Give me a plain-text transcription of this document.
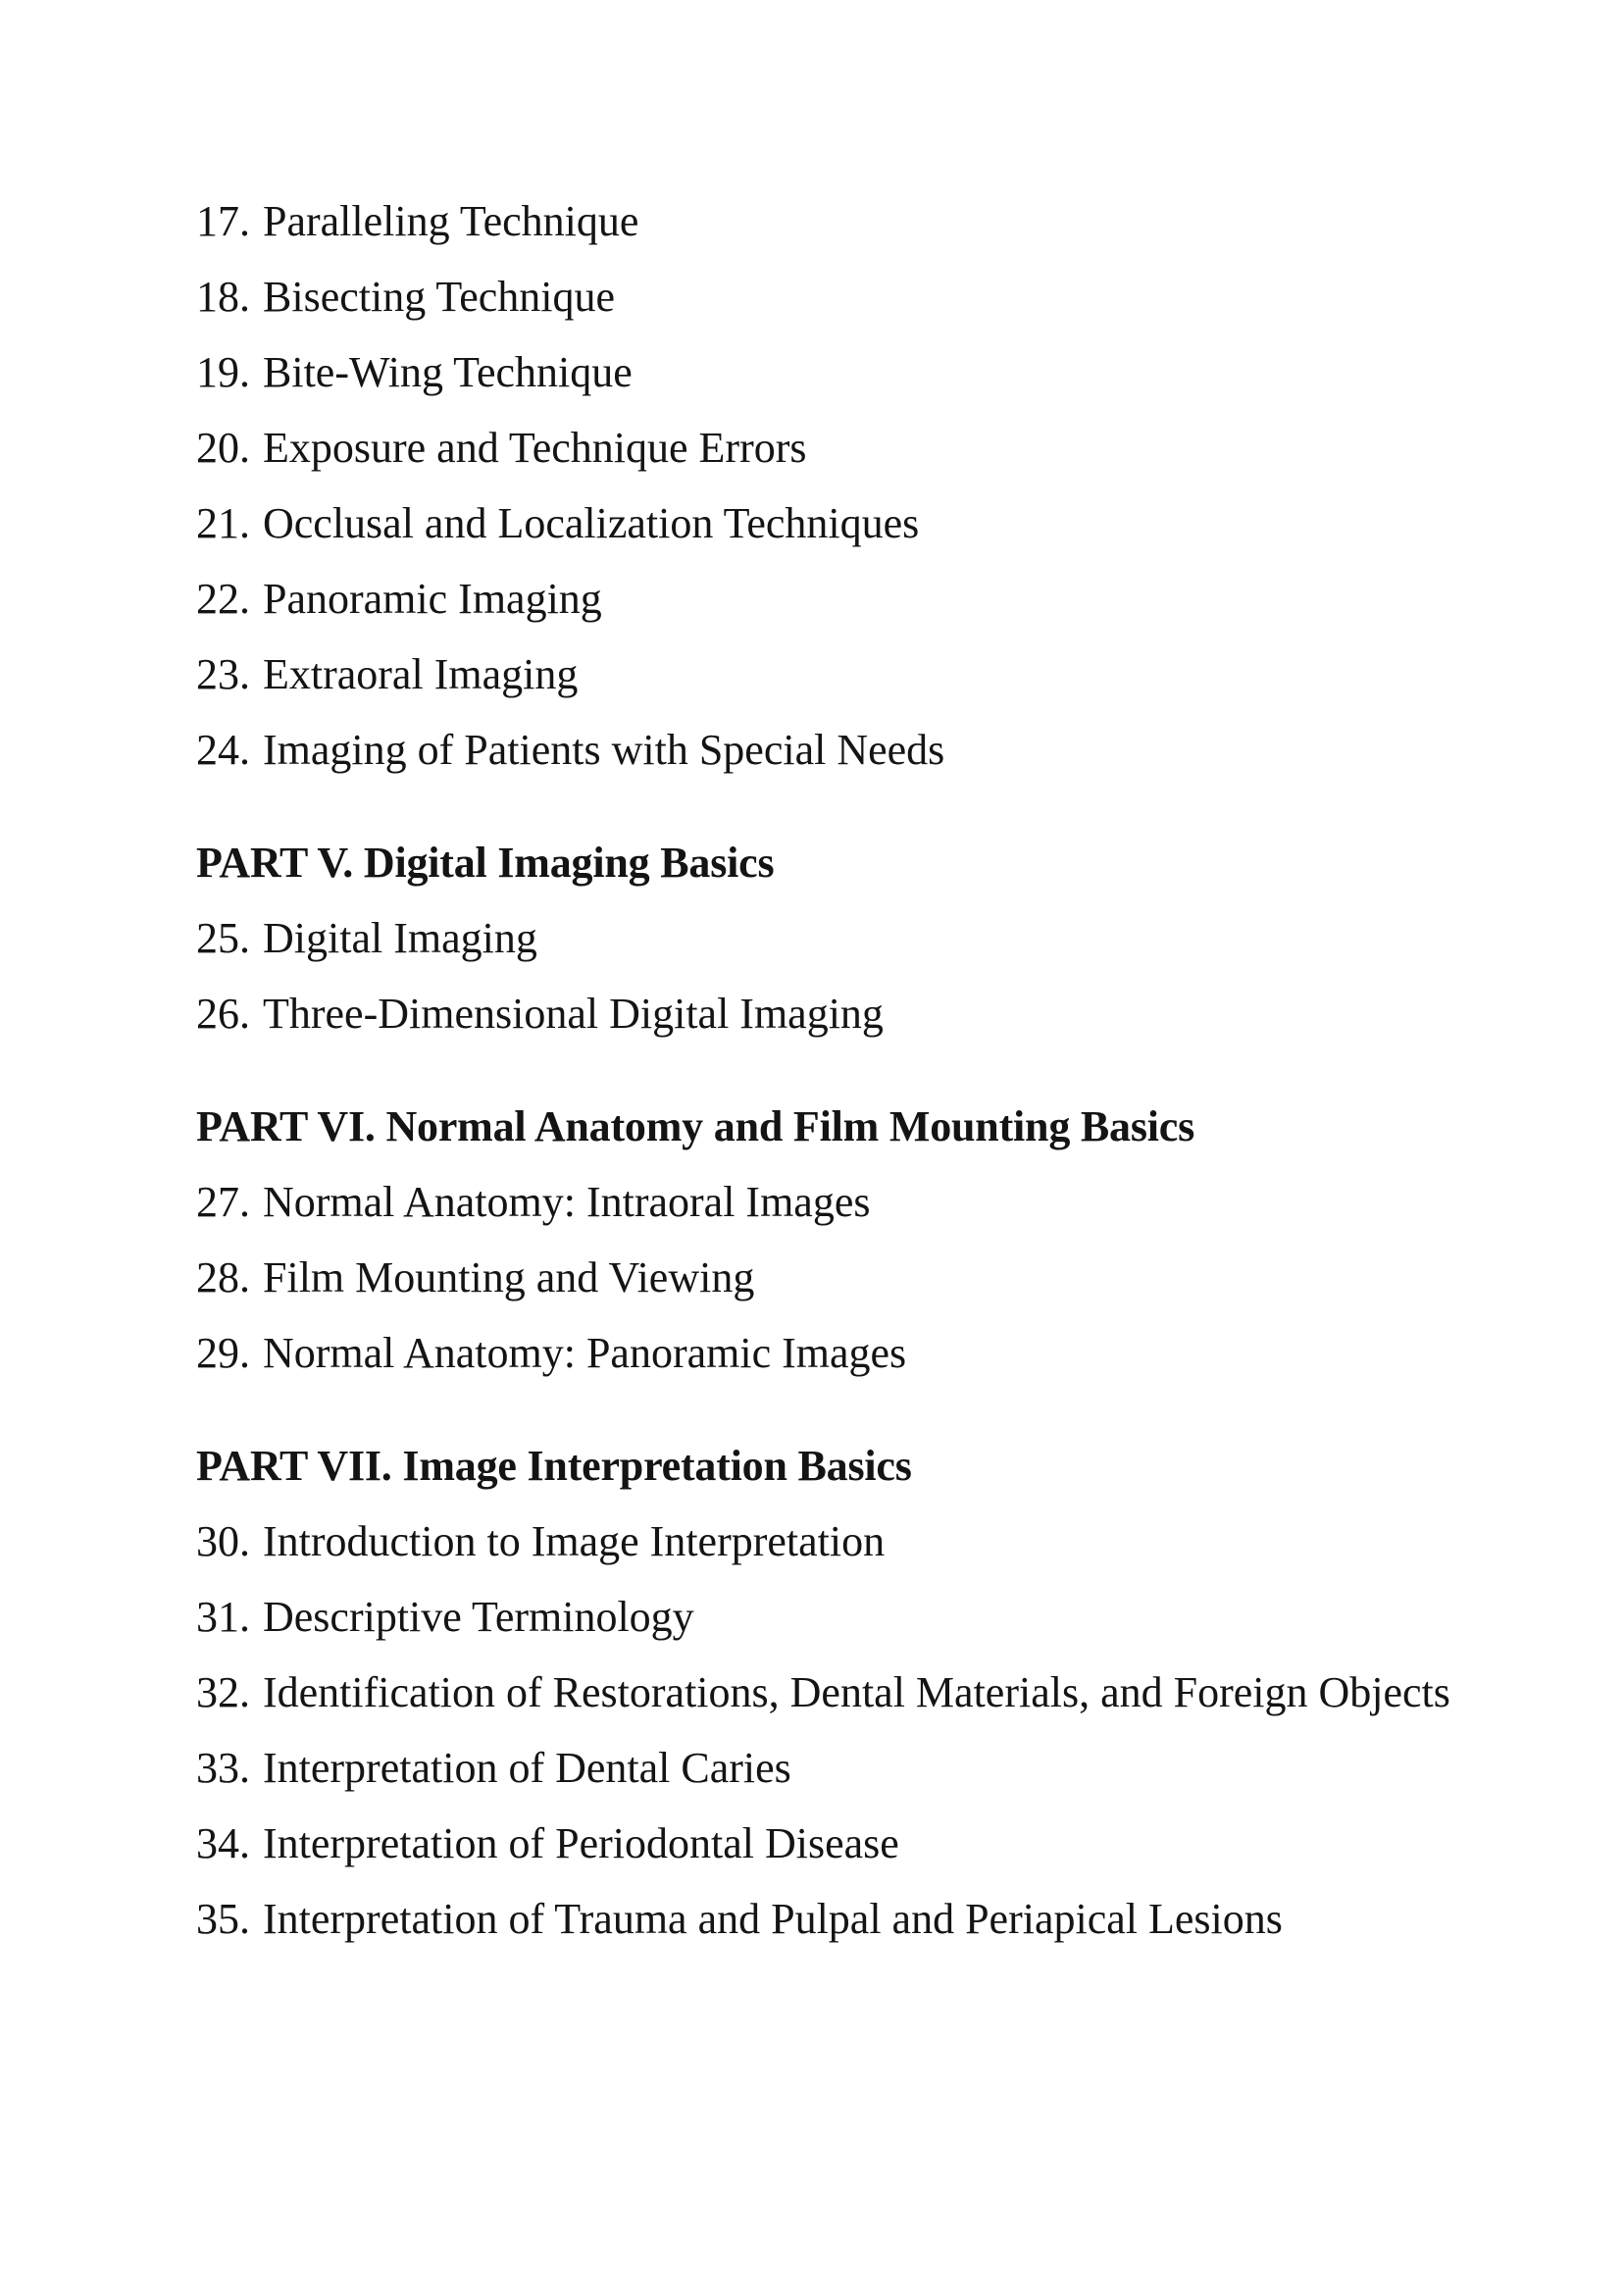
17. Paralleling Technique
18. Bisecting Technique
19. Bite-Wing Technique
20. Exposure and Technique Errors
21. Occlusal and Localization Techniques
22. Panoramic Imaging
23. Extraoral Imaging
24. Imaging of Patients with Special Needs
PART V. Digital Imaging Basics
25. Digital Imaging
26. Three-Dimensional Digital Imaging
PART VI. Normal Anatomy and Film Mounting Basics
27. Normal Anatomy: Intraoral Images
28. Film Mounting and Viewing
29. Normal Anatomy: Panoramic Images
PART VII. Image Interpretation Basics
30. Introduction to Image Interpretation
31. Descriptive Terminology
32. Identification of Restorations, Dental Materials, and Foreign Objects
33. Interpretation of Dental Caries
34. Interpretation of Periodontal Disease
35. Interpretation of Trauma and Pulpal and Periapical Lesions
